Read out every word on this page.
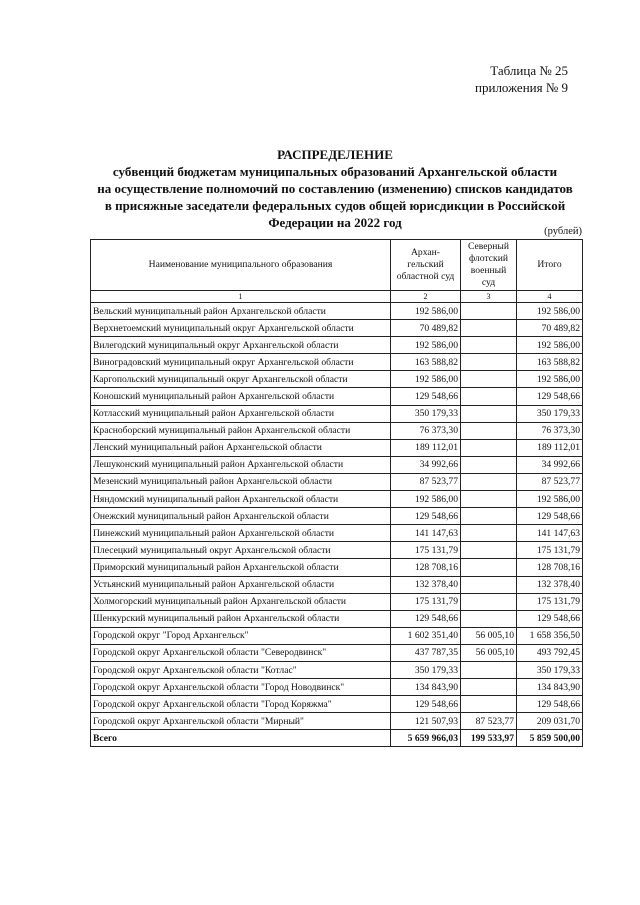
Таблица № 25
приложения № 9
РАСПРЕДЕЛЕНИЕ
субвенций бюджетам муниципальных образований Архангельской области
на осуществление полномочий по составлению (изменению) списков кандидатов
в присяжные заседатели федеральных судов общей юрисдикции в Российской
Федерации на 2022 год
(рублей)
Наименование муниципального образования	Архан-гельский областной суд	Северный флотский военный суд	Итого
1	2	3	4
Вельский муниципальный район Архангельской области	192 586,00		192 586,00
Верхнетоемский муниципальный округ Архангельской области	70 489,82		70 489,82
Вилегодский муниципальный округ Архангельской области	192 586,00		192 586,00
Виноградовский муниципальный округ Архангельской области	163 588,82		163 588,82
Каргопольский муниципальный округ Архангельской области	192 586,00		192 586,00
Коношский муниципальный район Архангельской области	129 548,66		129 548,66
Котласский муниципальный район Архангельской области	350 179,33		350 179,33
Красноборский муниципальный район Архангельской области	76 373,30		76 373,30
Ленский муниципальный район Архангельской области	189 112,01		189 112,01
Лешуконский муниципальный район Архангельской области	34 992,66		34 992,66
Мезенский муниципальный район Архангельской области	87 523,77		87 523,77
Няндомский муниципальный район Архангельской области	192 586,00		192 586,00
Онежский муниципальный район Архангельской области	129 548,66		129 548,66
Пинежский муниципальный район Архангельской области	141 147,63		141 147,63
Плесецкий муниципальный округ Архангельской области	175 131,79		175 131,79
Приморский муниципальный район Архангельской области	128 708,16		128 708,16
Устьянский муниципальный район Архангельской области	132 378,40		132 378,40
Холмогорский муниципальный район Архангельской области	175 131,79		175 131,79
Шенкурский муниципальный район Архангельской области	129 548,66		129 548,66
Городской округ "Город Архангельск"	1 602 351,40	56 005,10	1 658 356,50
Городской округ Архангельской области "Северодвинск"	437 787,35	56 005,10	493 792,45
Городской округ Архангельской области "Котлас"	350 179,33		350 179,33
Городской округ Архангельской области "Город Новодвинск"	134 843,90		134 843,90
Городской округ Архангельской области "Город Коряжма"	129 548,66		129 548,66
Городской округ Архангельской области "Мирный"	121 507,93	87 523,77	209 031,70
Всего	5 659 966,03	199 533,97	5 859 500,00
